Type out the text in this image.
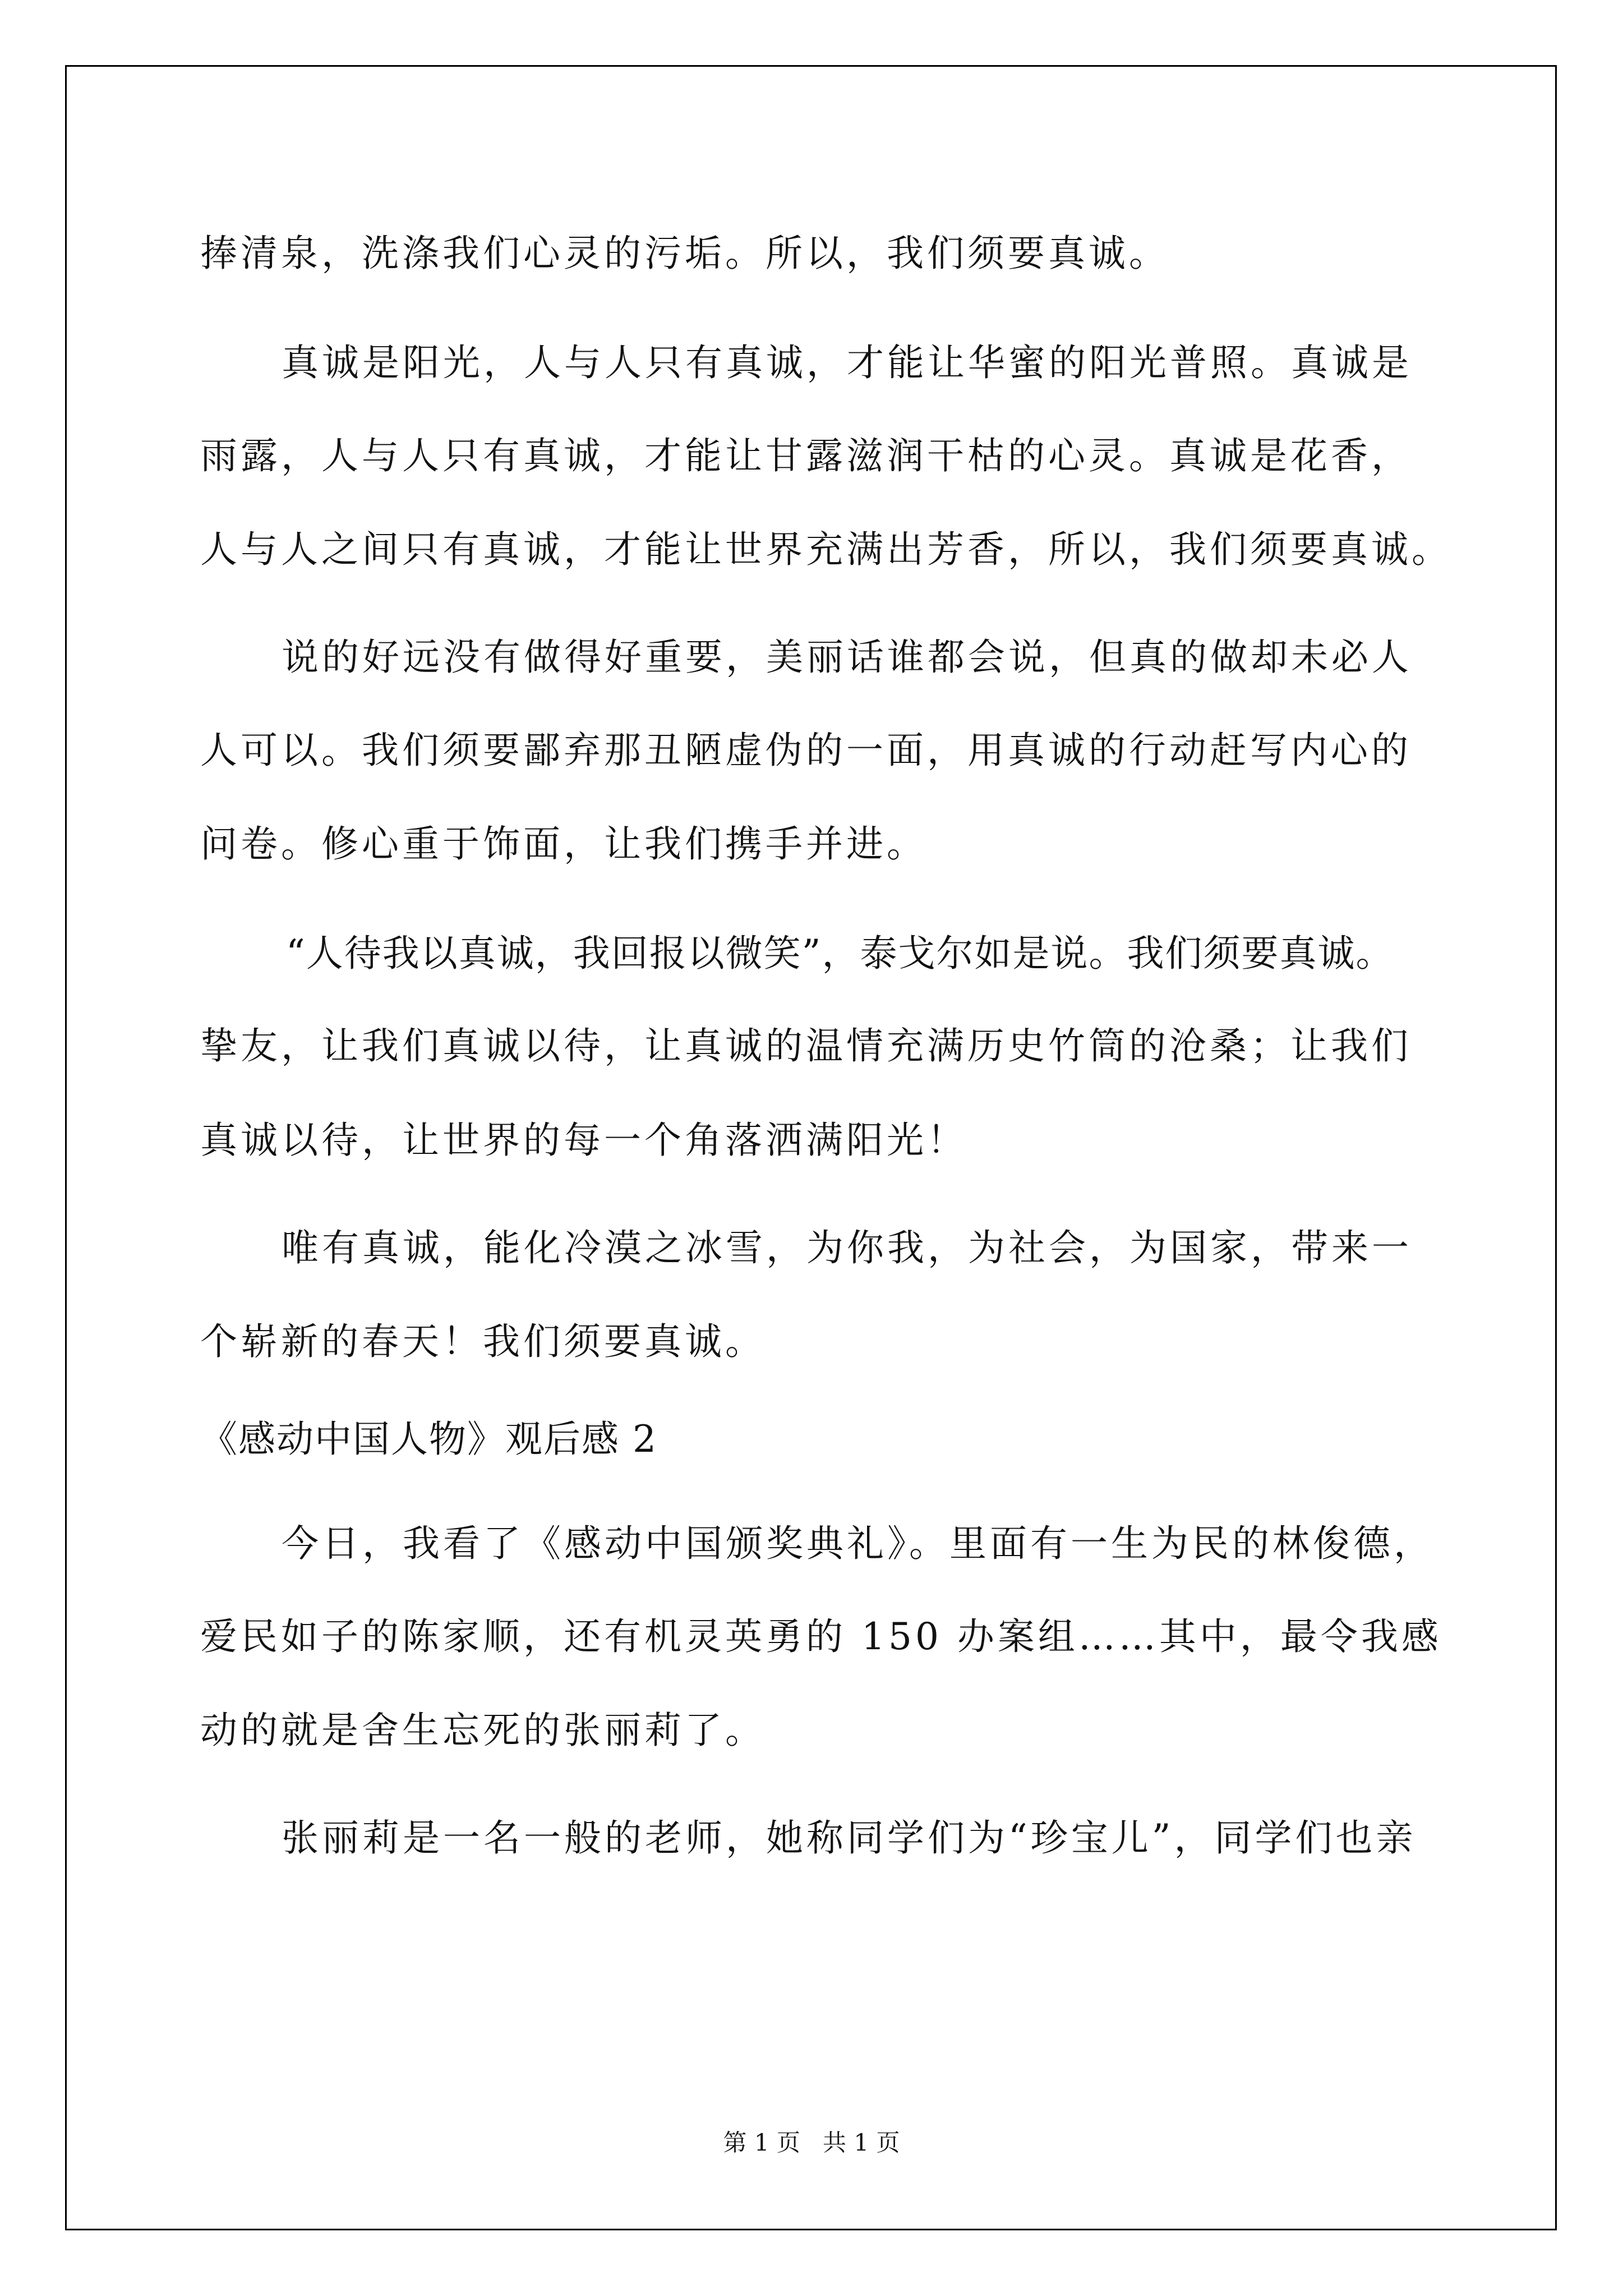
捧清泉，洗涤我们心灵的污垢。所以，我们须要真诚。
真诚是阳光，人与人只有真诚，才能让华蜜的阳光普照。真诚是
雨露，人与人只有真诚，才能让甘露滋润干枯的心灵。真诚是花香，
人与人之间只有真诚，才能让世界充满出芳香，所以，我们须要真诚。
说的好远没有做得好重要，美丽话谁都会说，但真的做却未必人
人可以。我们须要鄙弃那丑陋虚伪的一面，用真诚的行动赶写内心的
问卷。修心重于饰面，让我们携手并进。
“人待我以真诚，我回报以微笑”，泰戈尔如是说。我们须要真诚。
挚友，让我们真诚以待，让真诚的温情充满历史竹筒的沧桑；让我们
真诚以待，让世界的每一个角落洒满阳光！
唯有真诚，能化冷漠之冰雪，为你我，为社会，为国家，带来一
个崭新的春天！我们须要真诚。
《感动中国人物》观后感 2
今日，我看了《感动中国颁奖典礼》。里面有一生为民的林俊德，
爱民如子的陈家顺，还有机灵英勇的 150 办案组……其中，最令我感
动的就是舍生忘死的张丽莉了。
张丽莉是一名一般的老师，她称同学们为“珍宝儿”，同学们也亲
第 1 页   共 1 页
